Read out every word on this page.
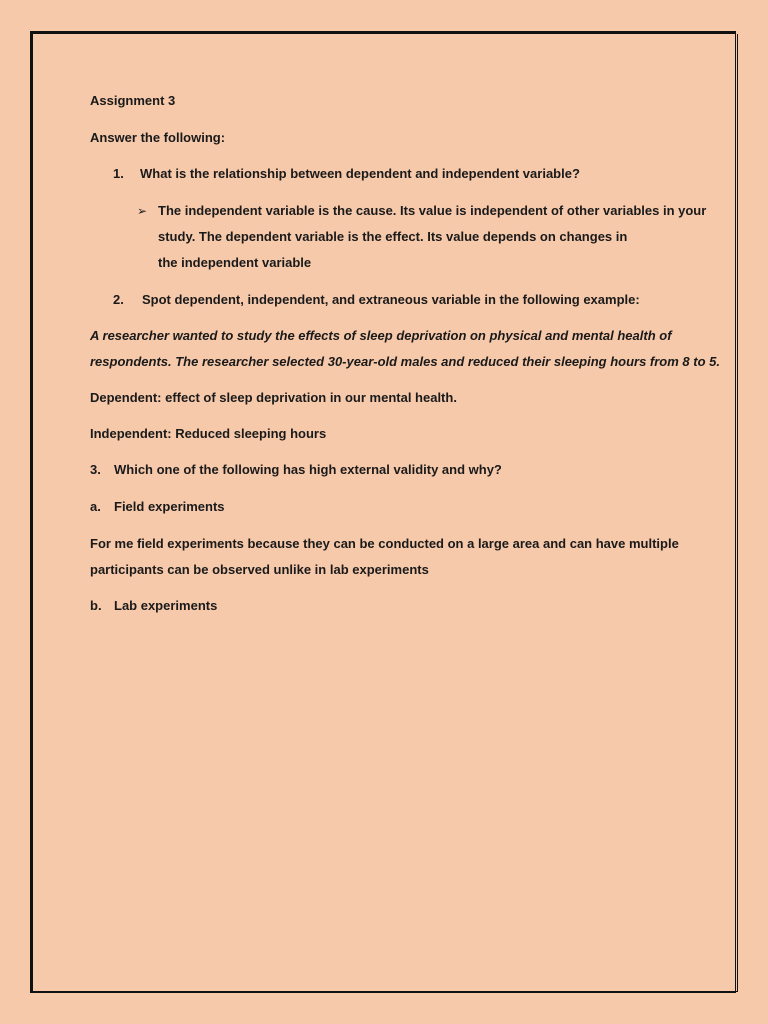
Assignment 3
Answer the following:
1. What is the relationship between dependent and independent variable?
➢ The independent variable is the cause. Its value is independent of other variables in your
study. The dependent variable is the effect. Its value depends on changes in
the independent variable
2. Spot dependent, independent, and extraneous variable in the following example:
A researcher wanted to study the effects of sleep deprivation on physical and mental health of
respondents. The researcher selected 30-year-old males and reduced their sleeping hours from 8 to 5.
Dependent: effect of sleep deprivation in our mental health.
Independent: Reduced sleeping hours
3. Which one of the following has high external validity and why?
a. Field experiments
For me field experiments because they can be conducted on a large area and can have multiple
participants can be observed unlike in lab experiments
b. Lab experiments
